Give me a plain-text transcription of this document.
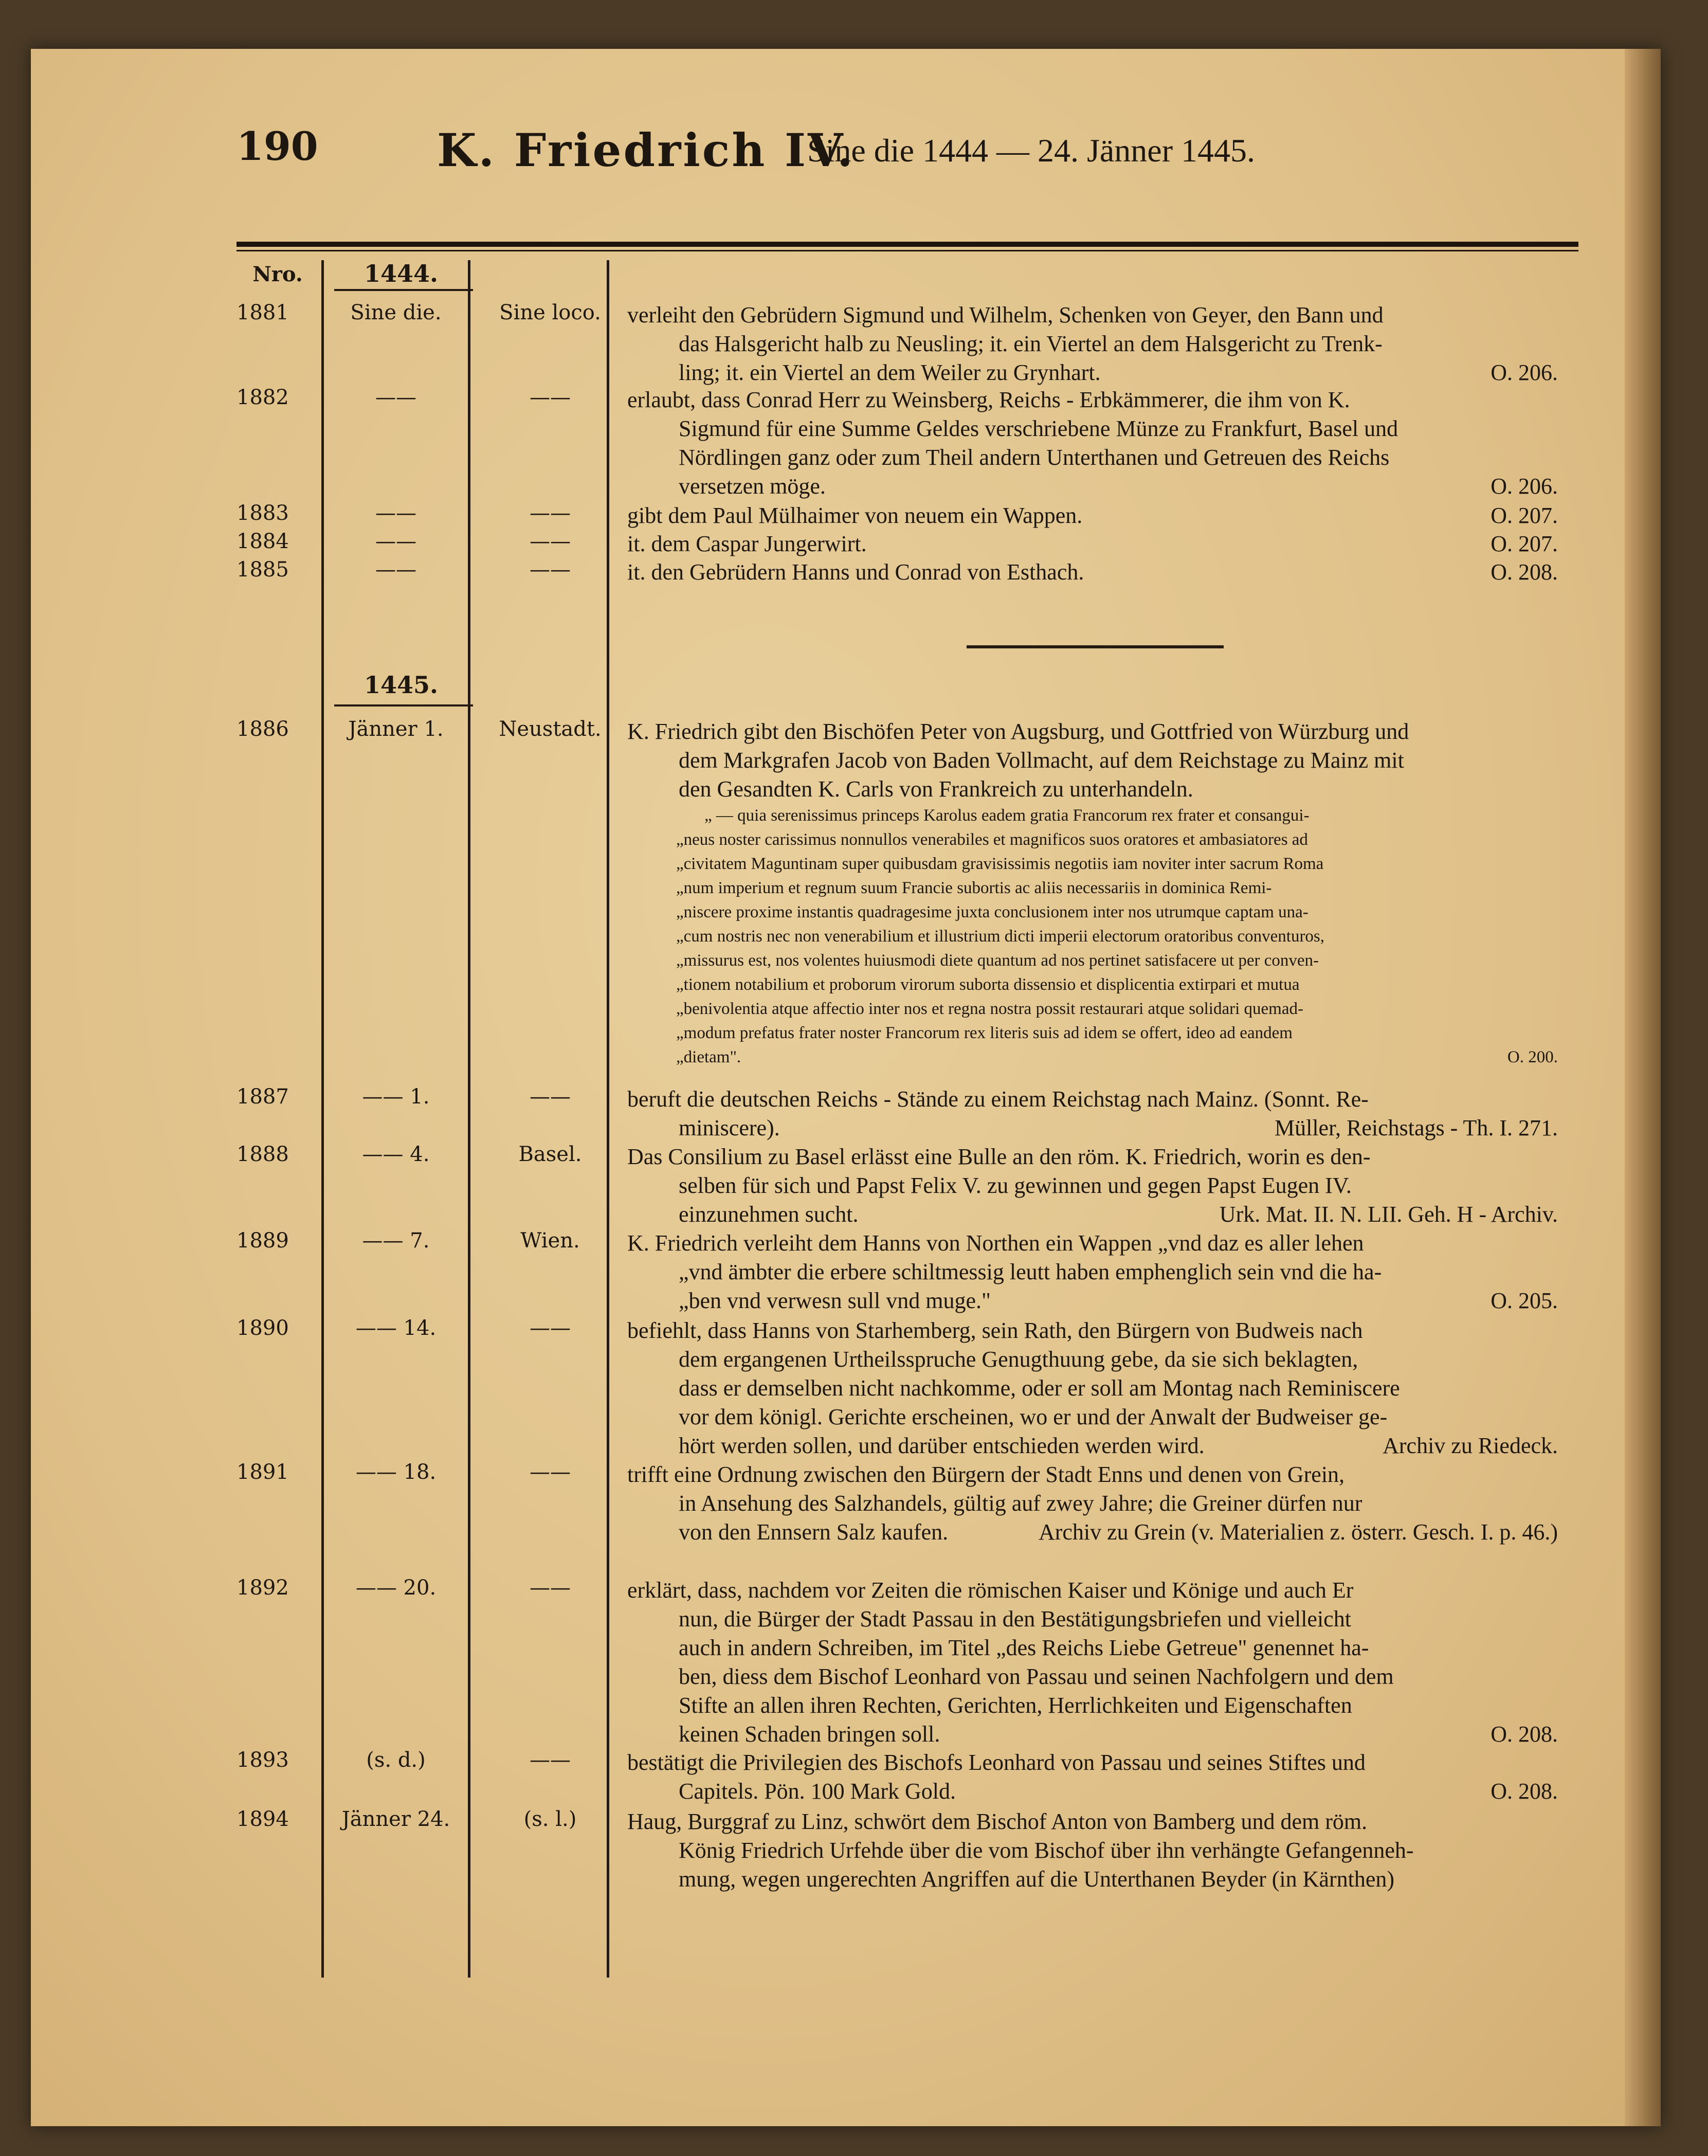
190	K. Friedrich IV.
Sine die 1444 — 24. Jänner 1445.
Nro.	1444.
1445.
1881	Sine die.	Sine loco.	verleiht den Gebrüdern Sigmund und Wilhelm, Schenken von Geyer, den Bann und
das Halsgericht halb zu Neusling; it. ein Viertel an dem Halsgericht zu Trenk-
ling; it. ein Viertel an dem Weiler zu Grynhart.	O. 206.
1882	——	——	erlaubt, dass Conrad Herr zu Weinsberg, Reichs - Erbkämmerer, die ihm von K.
Sigmund für eine Summe Geldes verschriebene Münze zu Frankfurt, Basel und
Nördlingen ganz oder zum Theil andern Unterthanen und Getreuen des Reichs
versetzen möge.	O. 206.
1883	——	——	gibt dem Paul Mülhaimer von neuem ein Wappen.	O. 207.
1884	——	——	it. dem Caspar Jungerwirt.	O. 207.
1885	——	——	it. den Gebrüdern Hanns und Conrad von Esthach.	O. 208.
1886	Jänner 1.	Neustadt.	K. Friedrich gibt den Bischöfen Peter von Augsburg, und Gottfried von Würzburg und
dem Markgrafen Jacob von Baden Vollmacht, auf dem Reichstage zu Mainz mit
den Gesandten K. Carls von Frankreich zu unterhandeln.
„ — quia serenissimus princeps Karolus eadem gratia Francorum rex frater et consangui-
„neus noster carissimus nonnullos venerabiles et magnificos suos oratores et ambasiatores ad
„civitatem Maguntinam super quibusdam gravisissimis negotiis iam noviter inter sacrum Roma
„num imperium et regnum suum Francie subortis ac aliis necessariis in dominica Remi-
„niscere proxime instantis quadragesime juxta conclusionem inter nos utrumque captam una-
„cum nostris nec non venerabilium et illustrium dicti imperii electorum oratoribus conventuros,
„missurus est, nos volentes huiusmodi diete quantum ad nos pertinet satisfacere ut per conven-
„tionem notabilium et proborum virorum suborta dissensio et displicentia extirpari et mutua
„benivolentia atque affectio inter nos et regna nostra possit restaurari atque solidari quemad-
„modum prefatus frater noster Francorum rex literis suis ad idem se offert, ideo ad eandem
„dietam".	O. 200.
1887	—— 1.	——	beruft die deutschen Reichs - Stände zu einem Reichstag nach Mainz. (Sonnt. Re-
miniscere).	Müller, Reichstags - Th. I. 271.
1888	—— 4.	Basel.	Das Consilium zu Basel erlässt eine Bulle an den röm. K. Friedrich, worin es den-
selben für sich und Papst Felix V. zu gewinnen und gegen Papst Eugen IV.
einzunehmen sucht.	Urk. Mat. II. N. LII. Geh. H - Archiv.
1889	—— 7.	Wien.	K. Friedrich verleiht dem Hanns von Northen ein Wappen „vnd daz es aller lehen
„vnd ämbter die erbere schiltmessig leutt haben emphenglich sein vnd die ha-
„ben vnd verwesn sull vnd muge."	O. 205.
1890	—— 14.	——	befiehlt, dass Hanns von Starhemberg, sein Rath, den Bürgern von Budweis nach
dem ergangenen Urtheilsspruche Genugthuung gebe, da sie sich beklagten,
dass er demselben nicht nachkomme, oder er soll am Montag nach Reminiscere
vor dem königl. Gerichte erscheinen, wo er und der Anwalt der Budweiser ge-
hört werden sollen, und darüber entschieden werden wird.	Archiv zu Riedeck.
1891	—— 18.	——	trifft eine Ordnung zwischen den Bürgern der Stadt Enns und denen von Grein,
in Ansehung des Salzhandels, gültig auf zwey Jahre; die Greiner dürfen nur
von den Ennsern Salz kaufen.	Archiv zu Grein (v. Materialien z. österr. Gesch. I. p. 46.)
1892	—— 20.	——	erklärt, dass, nachdem vor Zeiten die römischen Kaiser und Könige und auch Er
nun, die Bürger der Stadt Passau in den Bestätigungsbriefen und vielleicht
auch in andern Schreiben, im Titel „des Reichs Liebe Getreue" genennet ha-
ben, diess dem Bischof Leonhard von Passau und seinen Nachfolgern und dem
Stifte an allen ihren Rechten, Gerichten, Herrlichkeiten und Eigenschaften
keinen Schaden bringen soll.	O. 208.
1893	(s. d.)	——	bestätigt die Privilegien des Bischofs Leonhard von Passau und seines Stiftes und
Capitels. Pön. 100 Mark Gold.	O. 208.
1894	Jänner 24.	(s. l.)	Haug, Burggraf zu Linz, schwört dem Bischof Anton von Bamberg und dem röm.
König Friedrich Urfehde über die vom Bischof über ihn verhängte Gefangenneh-
mung, wegen ungerechten Angriffen auf die Unterthanen Beyder (in Kärnthen)
